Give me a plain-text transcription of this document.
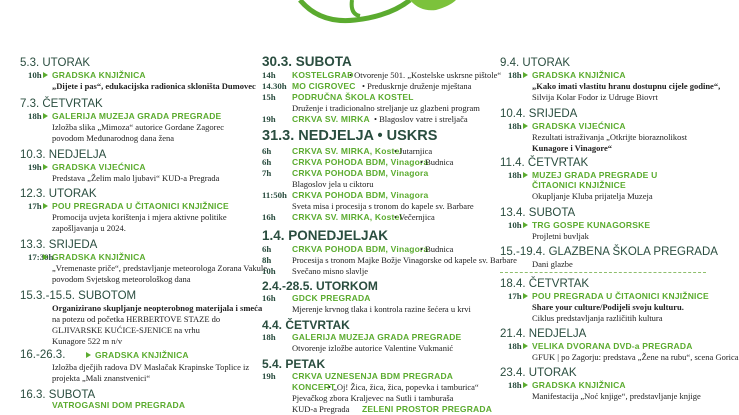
5.3. UTORAK
10h GRADSKA KNJIŽNICA
„Dijete i pas“, edukacijska radionica skloništa Dumovec
7.3. ČETVRTAK
18h GALERIJA MUZEJA GRADA PREGRADE
Izložba slika „Mimoza“ autorice Gordane Zagorec
povodom Međunarodnog dana žena
10.3. NEDJELJA
19h GRADSKA VIJEĆNICA
Predstava „Želim malo ljubavi“ KUD-a Pregrada
12.3. UTORAK
17h POU PREGRADA U ČITAONICI KNJIŽNICE
Promocija uvjeta korištenja i mjera aktivne politike
zapošljavanja u 2024.
13.3. SRIJEDA
17:30h
GRADSKA KNJIŽNICA
„Vremenaste priče“, predstavljanje meteorologa Zorana Vakule
povodom Svjetskog meteorološkog dana
15.3.-15.5. SUBOTOM
Organizirano skupljanje neopterobnog materijala i smeća
na potezu od početka HERBERTOVE STAZE do
GLJIVARSKE KUĆICE-SJENICE na vrhu
Kunagore 522 m n/v
16.-26.3.	GRADSKA KNJIŽNICA
Izložba dječjih radova DV Maslačak Krapinske Toplice iz
projekta „Mali znanstvenici“
16.3. SUBOTA
VATROGASNI DOM PREGRADA
30.3. SUBOTA
14h	KOSTELGRAD
• Otvorenje 501. „Kostelske uskrsne pištole“
14.30h MO CIGROVEC • Preduskrnje druženje mještana
15h	PODRUČNA ŠKOLA KOSTEL
Druženje i tradicionalno streljanje uz glazbeni program
19h	CRKVA SV. MIRKA • Blagoslov vatre i streljača
31.3. NEDJELJA • USKRS
6h	CRKVA SV. MIRKA, Kostel
• Jutarnjica
6h	CRKVA POHODA BDM, Vinagora
• Budnica
7h	CRKVA POHODA BDM, Vinagora
Blagoslov jela u ciktoru
11:50h CRKVA POHODA BDM, Vinagora
Sveta misa i procesija s tronom do kapele sv. Barbare
16h	CRKVA SV. MIRKA, Kostel
• Večernjica
1.4. PONEDJELJAK
6h	CRKVA POHODA BDM, Vinagora
• Budnica
8h	Procesija s tronom Majke Božje Vinagorske od kapele sv. Barbare
10h	Svečano misno slavlje
2.4.-28.5. UTORKOM
16h	GDCK PREGRADA
Mjerenje krvnog tlaka i kontrola razine šećera u krvi
4.4. ČETVRTAK
18h	GALERIJA MUZEJA GRADA PREGRADE
Otvorenje izložbe autorice Valentine Vukmanić
5.4. PETAK
19h	CRKVA UZNESENJA BDM PREGRADA
KONCERT
• „Oj! Žica, žica, žica, popevka i tamburica“
Pjevačkog zbora Kraljevec na Sutli i tamburaša
KUD-a Pregrada ZELENI PROSTOR PREGRADA
9.4. UTORAK
18h GRADSKA KNJIŽNICA
„Kako imati vlastitu hranu dostupnu cijele godine“,
Silvija Kolar Fodor iz Udruge Biovrt
10.4. SRIJEDA
18h GRADSKA VIJEĆNICA
Rezultati istraživanja „Otkrijte bioraznolikost
Kunagore i Vinagore“
11.4. ČETVRTAK
18h MUZEJ GRADA PREGRADE U
ČITAONICI KNJIŽNICE
Okupljanje Kluba prijatelja Muzeja
13.4. SUBOTA
10h TRG GOSPE KUNAGORSKE
Projletni buvljak
15.-19.4. GLAZBENA ŠKOLA PREGRADA
Dani glazbe
18.4. ČETVRTAK
17h POU PREGRADA U ČITAONICI KNJIŽNICE
Share your culture/Podijeli svoju kulturu.
Ciklus predstavljanja različitih kultura
21.4. NEDJELJA
18h VELIKA DVORANA DVD-a PREGRADA
GFUK | po Zagorju: predstava „Žene na rubu“, scena Gorica
23.4. UTORAK
18h GRADSKA KNJIŽNICA
Manifestacija „Noć knjige“, predstavljanje knjige
